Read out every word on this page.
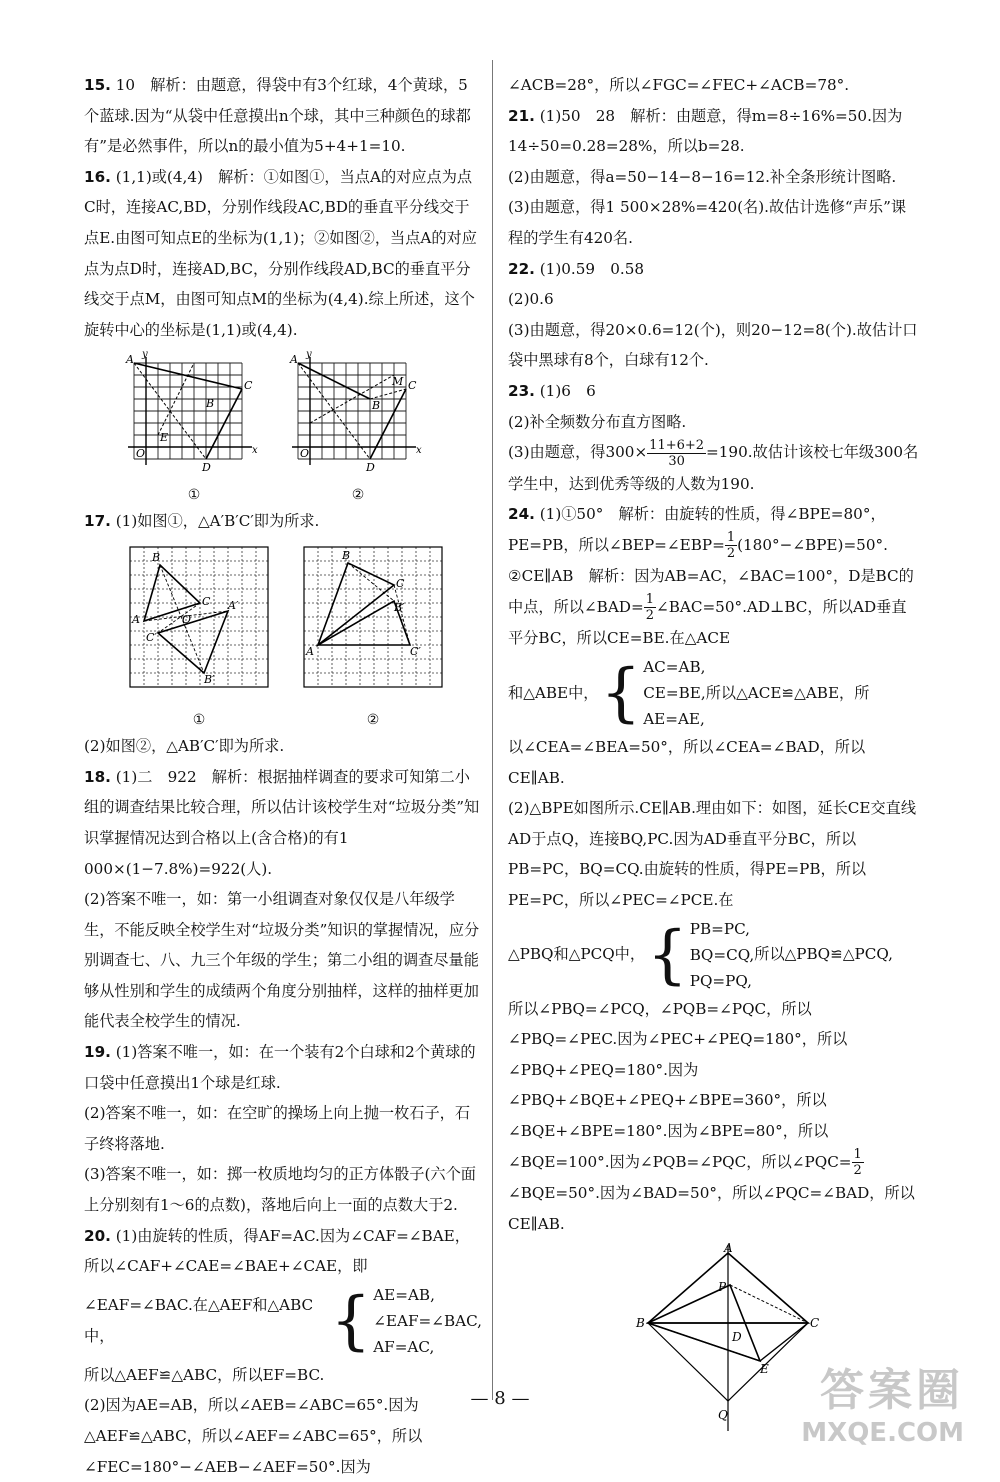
15. 10　解析：由题意，得袋中有3个红球，4个黄球，5个蓝球.因为“从袋中任意摸出n个球，其中三种颜色的球都有”是必然事件，所以n的最小值为5+4+1=10.

16. (1,1)或(4,4)　解析：①如图①，当点A的对应点为点C时，连接AC,BD，分别作线段AC,BD的垂直平分线交于点E.由图可知点E的坐标为(1,1)；②如图②，当点A的对应点为点D时，连接AD,BC，分别作线段AD,BC的垂直平分线交于点M，由图可知点M的坐标为(4,4).综上所述，这个旋转中心的坐标是(1,1)或(4,4).

A y
B
C
E
O
D
x
①
A y
B
C
M
O
D
x
②

17. (1)如图①，△A′B′C′即为所求.

B
C
A
A′
O
C′
B′
①
B
C
B′
A	C′
②

(2)如图②，△AB′C′即为所求.

18. (1)二　922　解析：根据抽样调查的要求可知第二小组的调查结果比较合理，所以估计该校学生对“垃圾分类”知识掌握情况达到合格以上(含合格)的有1 000×(1−7.8%)=922(人).

(2)答案不唯一，如：第一小组调查对象仅仅是八年级学生，不能反映全校学生对“垃圾分类”知识的掌握情况，应分别调查七、八、九三个年级的学生；第二小组的调查尽量能够从性别和学生的成绩两个角度分别抽样，这样的抽样更加能代表全校学生的情况.

19. (1)答案不唯一，如：在一个装有2个白球和2个黄球的口袋中任意摸出1个球是红球.

(2)答案不唯一，如：在空旷的操场上向上抛一枚石子，石子终将落地.

(3)答案不唯一，如：掷一枚质地均匀的正方体骰子(六个面上分别刻有1～6的点数)，落地后向上一面的点数大于2.

20. (1)由旋转的性质，得AF=AC.因为∠CAF=∠BAE，所以∠CAF+∠CAE=∠BAE+∠CAE，即

∠EAF=∠BAC.在△AEF和△ABC中，	{ AE=AB,
∠EAF=∠BAC,
AF=AC,

所以△AEF≌△ABC，所以EF=BC.

(2)因为AE=AB，所以∠AEB=∠ABC=65°.因为△AEF≌△ABC，所以∠AEF=∠ABC=65°，所以∠FEC=180°−∠AEB−∠AEF=50°.因为

∠ACB=28°，所以∠FGC=∠FEC+∠ACB=78°.

21. (1)50　28　解析：由题意，得m=8÷16%=50.因为14÷50=0.28=28%，所以b=28.

(2)由题意，得a=50−14−8−16=12.补全条形统计图略.

(3)由题意，得1 500×28%=420(名).故估计选修“声乐”课程的学生有420名.

22. (1)0.59　0.58

(2)0.6

(3)由题意，得20×0.6=12(个)，则20−12=8(个).故估计口袋中黑球有8个，白球有12个.

23. (1)6　6

(2)补全频数分布直方图略.

(3)由题意，得$300\times \frac{11+6+2}{30} =190$.故估计该校七年级300名学生中，达到优秀等级的人数为190.

24. (1)①50°　解析：由旋转的性质，得∠BPE=80°，PE=PB，所以∠BEP=∠EBP= $\frac{1}{2}$ (180°−∠BPE)=50°.

②CE∥AB　解析：因为AB=AC，∠BAC=100°，D是BC的中点，所以∠BAD= $\frac{1}{2}$ ∠BAC=50°.AD⊥BC，所以AD垂直平分BC，所以CE=BE.在△ACE

和△ABE中， { AC=AB,
CE=BE,
AE=AE,
所以△ACE≌△ABE，所

以∠CEA=∠BEA=50°，所以∠CEA=∠BAD，所以CE∥AB.

(2)△BPE如图所示.CE∥AB.理由如下：如图，延长CE交直线AD于点Q，连接BQ,PC.因为AD垂直平分BC，所以PB=PC，BQ=CQ.由旋转的性质，得PE=PB，所以PE=PC，所以∠PEC=∠PCE.在

△PBQ和△PCQ中， { PB=PC,
BQ=CQ,
PQ=PQ,
所以△PBQ≌△PCQ,

所以∠PBQ=∠PCQ，∠PQB=∠PQC，所以∠PBQ=∠PEC.因为∠PEC+∠PEQ=180°，所以∠PBQ+∠PEQ=180°.因为∠PBQ+∠BQE+∠PEQ+∠BPE=360°，所以∠BQE+∠BPE=180°.因为∠BPE=80°，所以∠BQE=100°.因为∠PQB=∠PQC，所以∠PQC= $\frac{1}{2}$
∠BQE=50°.因为∠BAD=50°，所以∠PQC=∠BAD，所以CE∥AB.

A
B	C
P
D
E
Q
— 8 —	答案圈
MXQE.COM
